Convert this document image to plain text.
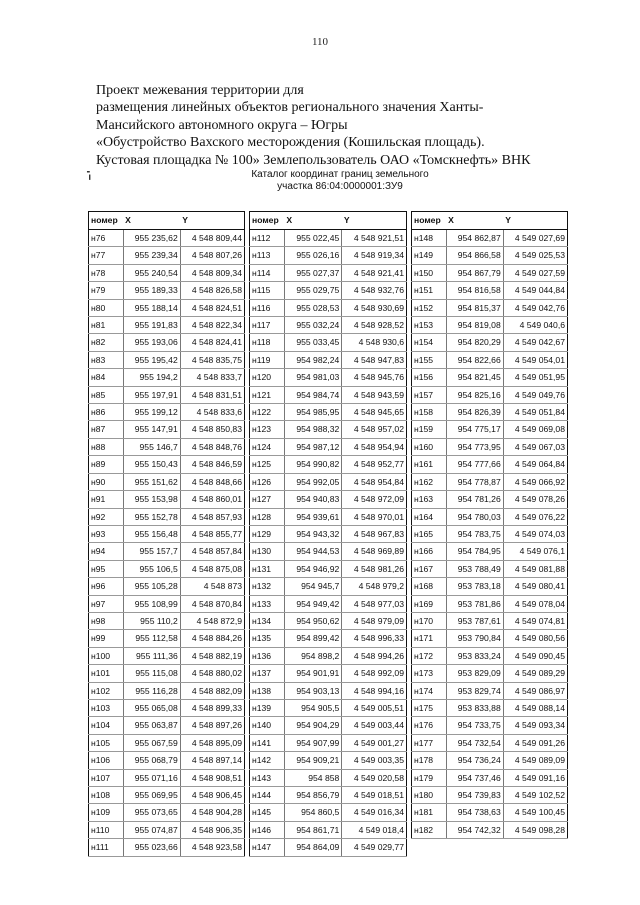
110
Проект межевания территории для
размещения линейных объектов регионального значения Ханты-
Мансийского автономного округа – Югры
«Обустройство Вахского месторождения (Кошильская площадь).
Кустовая площадка № 100» Землепользователь ОАО «Томскнефть» ВНК
╸
╹
Каталог координат границ земельного
участка 86:04:0000001:ЗУ9
номер	X	Y
н76	955 235,62	4 548 809,44
н77	955 239,34	4 548 807,26
н78	955 240,54	4 548 809,34
н79	955 189,33	4 548 826,58
н80	955 188,14	4 548 824,51
н81	955 191,83	4 548 822,34
н82	955 193,06	4 548 824,41
н83	955 195,42	4 548 835,75
н84	955 194,2	4 548 833,7
н85	955 197,91	4 548 831,51
н86	955 199,12	4 548 833,6
н87	955 147,91	4 548 850,83
н88	955 146,7	4 548 848,76
н89	955 150,43	4 548 846,59
н90	955 151,62	4 548 848,66
н91	955 153,98	4 548 860,01
н92	955 152,78	4 548 857,93
н93	955 156,48	4 548 855,77
н94	955 157,7	4 548 857,84
н95	955 106,5	4 548 875,08
н96	955 105,28	4 548 873
н97	955 108,99	4 548 870,84
н98	955 110,2	4 548 872,9
н99	955 112,58	4 548 884,26
н100	955 111,36	4 548 882,19
н101	955 115,08	4 548 880,02
н102	955 116,28	4 548 882,09
н103	955 065,08	4 548 899,33
н104	955 063,87	4 548 897,26
н105	955 067,59	4 548 895,09
н106	955 068,79	4 548 897,14
н107	955 071,16	4 548 908,51
н108	955 069,95	4 548 906,45
н109	955 073,65	4 548 904,28
н110	955 074,87	4 548 906,35
н111	955 023,66	4 548 923,58
номер	X	Y
н112	955 022,45	4 548 921,51
н113	955 026,16	4 548 919,34
н114	955 027,37	4 548 921,41
н115	955 029,75	4 548 932,76
н116	955 028,53	4 548 930,69
н117	955 032,24	4 548 928,52
н118	955 033,45	4 548 930,6
н119	954 982,24	4 548 947,83
н120	954 981,03	4 548 945,76
н121	954 984,74	4 548 943,59
н122	954 985,95	4 548 945,65
н123	954 988,32	4 548 957,02
н124	954 987,12	4 548 954,94
н125	954 990,82	4 548 952,77
н126	954 992,05	4 548 954,84
н127	954 940,83	4 548 972,09
н128	954 939,61	4 548 970,01
н129	954 943,32	4 548 967,83
н130	954 944,53	4 548 969,89
н131	954 946,92	4 548 981,26
н132	954 945,7	4 548 979,2
н133	954 949,42	4 548 977,03
н134	954 950,62	4 548 979,09
н135	954 899,42	4 548 996,33
н136	954 898,2	4 548 994,26
н137	954 901,91	4 548 992,09
н138	954 903,13	4 548 994,16
н139	954 905,5	4 549 005,51
н140	954 904,29	4 549 003,44
н141	954 907,99	4 549 001,27
н142	954 909,21	4 549 003,35
н143	954 858	4 549 020,58
н144	954 856,79	4 549 018,51
н145	954 860,5	4 549 016,34
н146	954 861,71	4 549 018,4
н147	954 864,09	4 549 029,77
номер	X	Y
н148	954 862,87	4 549 027,69
н149	954 866,58	4 549 025,53
н150	954 867,79	4 549 027,59
н151	954 816,58	4 549 044,84
н152	954 815,37	4 549 042,76
н153	954 819,08	4 549 040,6
н154	954 820,29	4 549 042,67
н155	954 822,66	4 549 054,01
н156	954 821,45	4 549 051,95
н157	954 825,16	4 549 049,76
н158	954 826,39	4 549 051,84
н159	954 775,17	4 549 069,08
н160	954 773,95	4 549 067,03
н161	954 777,66	4 549 064,84
н162	954 778,87	4 549 066,92
н163	954 781,26	4 549 078,26
н164	954 780,03	4 549 076,22
н165	954 783,75	4 549 074,03
н166	954 784,95	4 549 076,1
н167	953 788,49	4 549 081,88
н168	953 783,18	4 549 080,41
н169	953 781,86	4 549 078,04
н170	953 787,61	4 549 074,81
н171	953 790,84	4 549 080,56
н172	953 833,24	4 549 090,45
н173	953 829,09	4 549 089,29
н174	953 829,74	4 549 086,97
н175	953 833,88	4 549 088,14
н176	954 733,75	4 549 093,34
н177	954 732,54	4 549 091,26
н178	954 736,24	4 549 089,09
н179	954 737,46	4 549 091,16
н180	954 739,83	4 549 102,52
н181	954 738,63	4 549 100,45
н182	954 742,32	4 549 098,28
